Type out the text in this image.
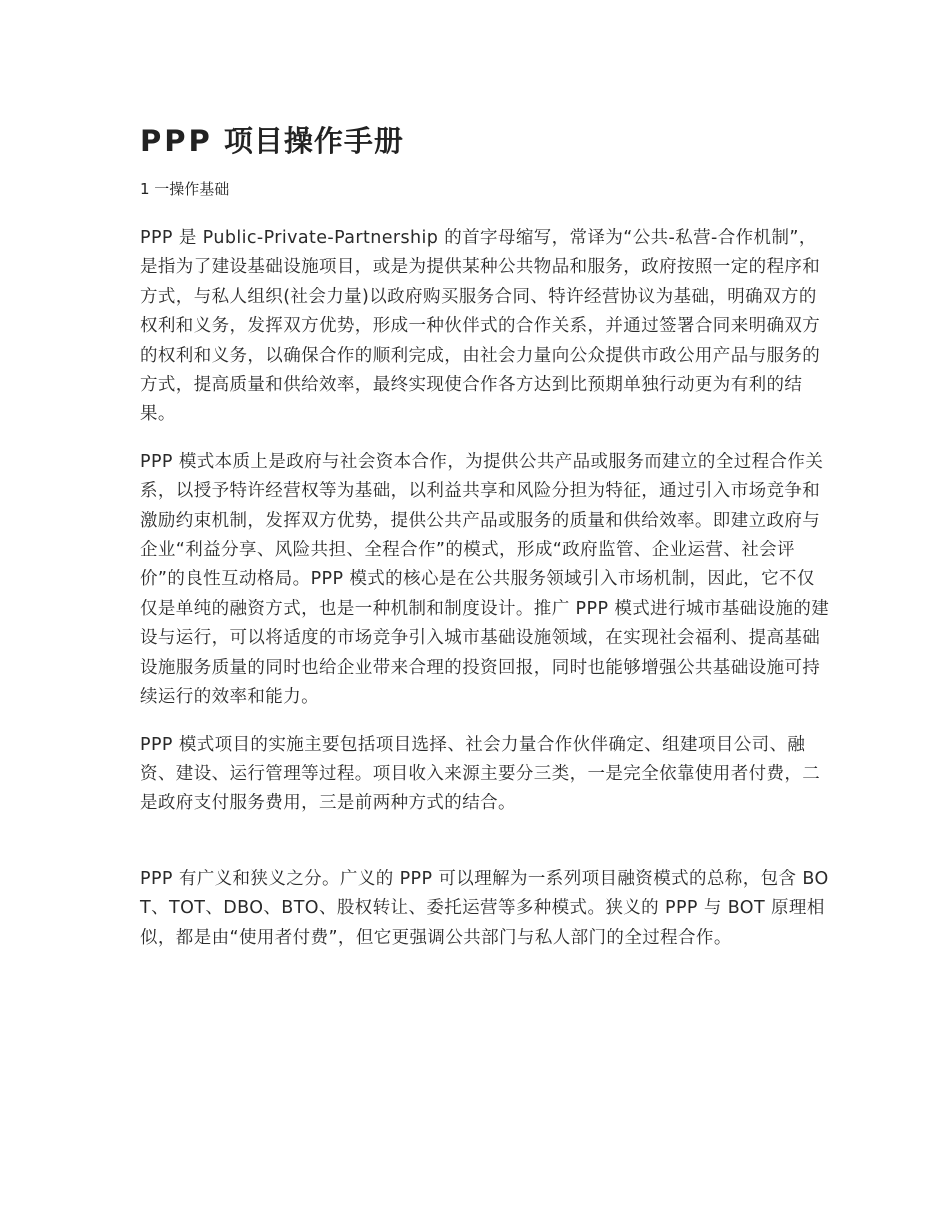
PPP 项目操作手册
1 一操作基础

PPP 是 Public-Private-Partnership 的首字母缩写，常译为“公共-私营-合作机制”，是指为了建设基础设施项目，或是为提供某种公共物品和服务，政府按照一定的程序和方式，与私人组织(社会力量)以政府购买服务合同、特许经营协议为基础，明确双方的权利和义务，发挥双方优势，形成一种伙伴式的合作关系，并通过签署合同来明确双方的权利和义务，以确保合作的顺利完成，由社会力量向公众提供市政公用产品与服务的方式，提高质量和供给效率，最终实现使合作各方达到比预期单独行动更为有利的结果。

PPP 模式本质上是政府与社会资本合作，为提供公共产品或服务而建立的全过程合作关系，以授予特许经营权等为基础，以利益共享和风险分担为特征，通过引入市场竞争和激励约束机制，发挥双方优势，提供公共产品或服务的质量和供给效率。即建立政府与企业“利益分享、风险共担、全程合作”的模式，形成“政府监管、企业运营、社会评价”的良性互动格局。PPP 模式的核心是在公共服务领域引入市场机制，因此，它不仅仅是单纯的融资方式，也是一种机制和制度设计。推广 PPP 模式进行城市基础设施的建设与运行，可以将适度的市场竞争引入城市基础设施领域，在实现社会福利、提高基础设施服务质量的同时也给企业带来合理的投资回报，同时也能够增强公共基础设施可持续运行的效率和能力。

PPP 模式项目的实施主要包括项目选择、社会力量合作伙伴确定、组建项目公司、融资、建设、运行管理等过程。项目收入来源主要分三类，一是完全依靠使用者付费，二是政府支付服务费用，三是前两种方式的结合。

PPP 有广义和狭义之分。广义的 PPP 可以理解为一系列项目融资模式的总称，包含 BOT、TOT、DBO、BTO、股权转让、委托运营等多种模式。狭义的 PPP 与 BOT 原理相似，都是由“使用者付费”，但它更强调公共部门与私人部门的全过程合作。
